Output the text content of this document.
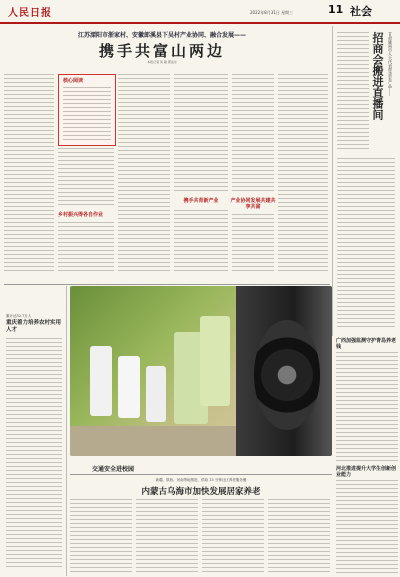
人民日报	2022年8月31日 星期三	11 社会
江苏溧阳市浙家村、安徽郎溪县下吴村产业协同、融合发展——
携手共富山两边
本报记者 何 聪 郭远水
核心阅读
乡村振兴得各自作业
携手共育新产业	产业协同发展共建共享共富
甘肃陇南市人大代表带货农产品——
招商会搬进直播间
累计达52.7万人
重庆着力培养农村实用人才
交通安全进校园
新疆、陕西、河南等地推进、供给 15 分钟社区养老服务圈
内蒙古乌海市加快发展居家养老
广西加强监测守护青岛养老钱
河北推进提升大学生创新创业能力
